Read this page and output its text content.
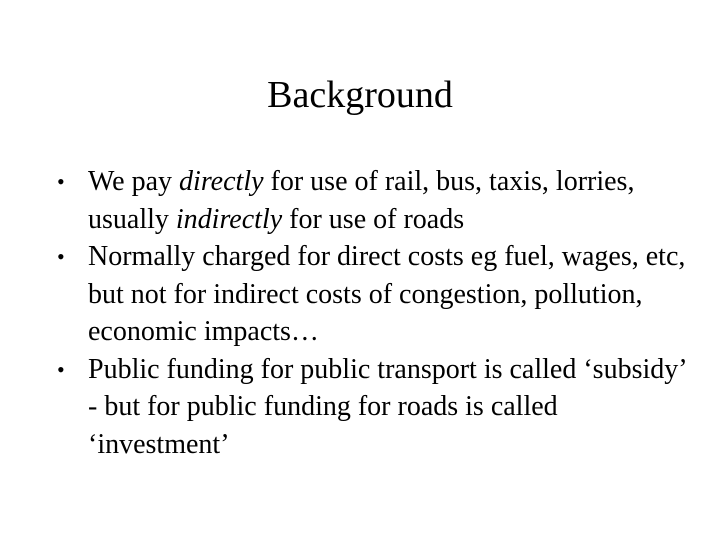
Background
• We pay directly for use of rail, bus, taxis, lorries, usually indirectly for use of roads
• Normally charged for direct costs eg fuel, wages, etc, but not for indirect costs of congestion, pollution, economic impacts…
• Public funding for public transport is called ‘subsidy’ - but for public funding for roads is called ‘investment’
